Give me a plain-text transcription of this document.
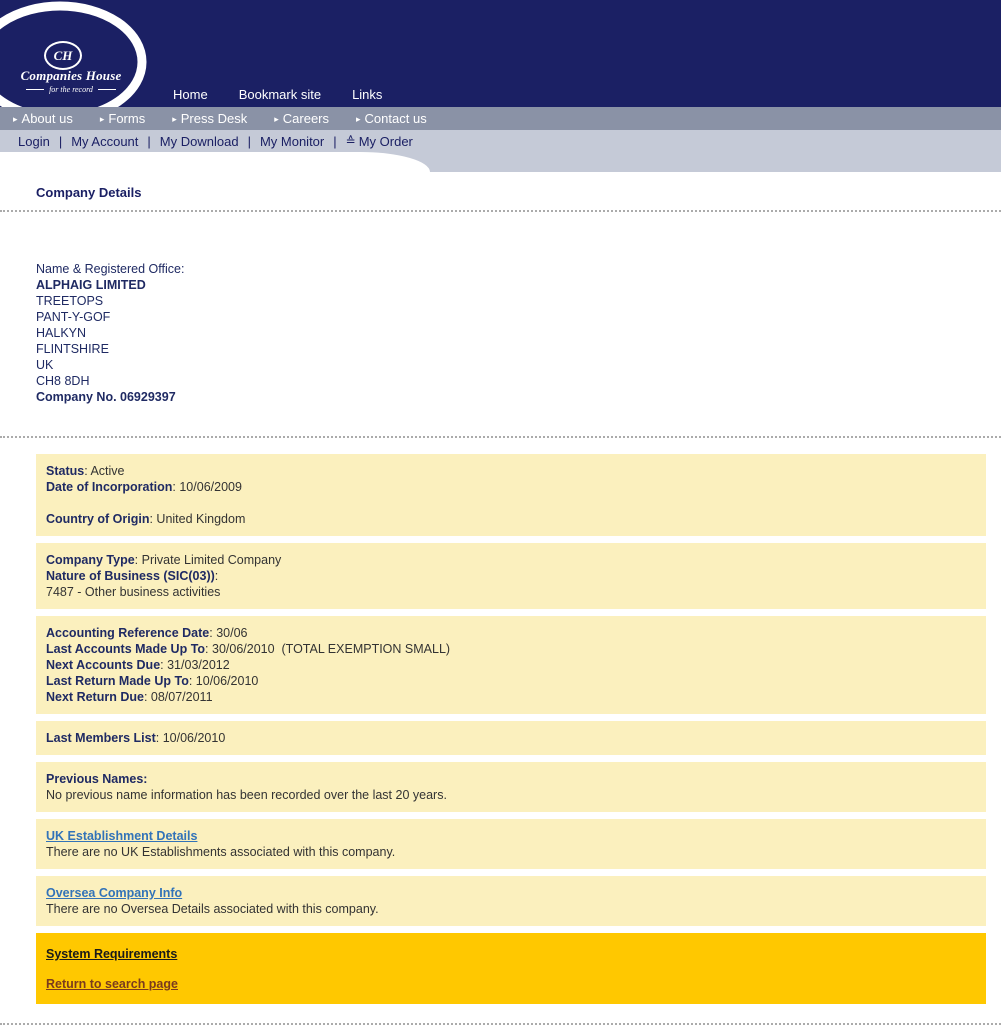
CH
Companies House
for the record	Home Bookmark site Links
▸ About us	▸ Forms	▸ Press Desk	▸ Careers	▸ Contact us
Login | My Account | My Download | My Monitor | ≙ My Order
Company Details
Name & Registered Office:
ALPHAIG LIMITED
TREETOPS
PANT-Y-GOF
HALKYN
FLINTSHIRE
UK
CH8 8DH
Company No. 06929397
Status: Active
Date of Incorporation: 10/06/2009
Country of Origin: United Kingdom
Company Type: Private Limited Company
Nature of Business (SIC(03)):
7487 - Other business activities
Accounting Reference Date: 30/06
Last Accounts Made Up To: 30/06/2010  (TOTAL EXEMPTION SMALL)
Next Accounts Due: 31/03/2012
Last Return Made Up To: 10/06/2010
Next Return Due: 08/07/2011
Last Members List: 10/06/2010
Previous Names:
No previous name information has been recorded over the last 20 years.
UK Establishment Details
There are no UK Establishments associated with this company.
Oversea Company Info
There are no Oversea Details associated with this company.
System Requirements
Return to search page
